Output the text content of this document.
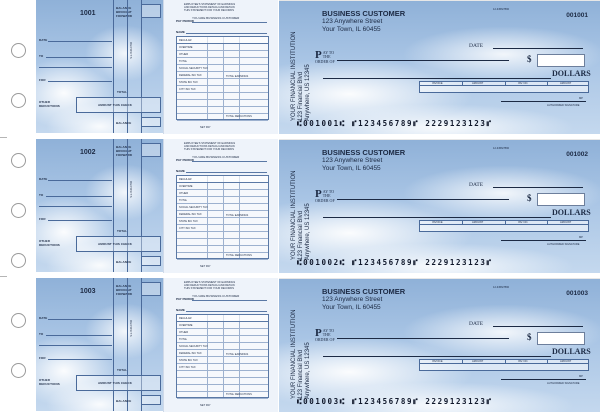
1001
BALANCE BROUGHT FORWARD
DATE
TO
FOR
DEPOSITS
TOTAL
OTHER DEDUCTIONS	AMOUNT THIS CHECK
BALANCE
EMPLOYEE'S STATEMENT OF EARNINGS
AND DEDUCTIONS DETACH AND RETAIN
THIS STATEMENT FOR YOUR RECORDS
PAY PERIOD
YOU ARE BUSINESS CUSTOMER
NAME
REGULAR
OVERTIME
OTHER
TOTAL
SOCIAL SECURITY TAX
FEDERAL INC TAX
STATE INC TAX
CITY INC TAX
TOTAL EARNINGS
TOTAL DEDUCTIONS
NET PAY
BUSINESS CUSTOMER
123 Anywhere Street
Your Town, IL 60455
12-3456/7890
001001
YOUR FINANCIAL INSTITUTION 123 Financial Blvd Anywhere, US 12345
DATE
P AY TO THE
ORDER OF	$
DOLLARS
INVOICE	AMOUNT	INV. NO.	AMOUNT
MP
AUTHORIZED SIGNATURE
⑆001001⑆ ⑈123456789⑈ 2229123123⑈
1002
BALANCE BROUGHT FORWARD
DATE
TO
FOR
DEPOSITS
TOTAL
OTHER DEDUCTIONS	AMOUNT THIS CHECK
BALANCE
EMPLOYEE'S STATEMENT OF EARNINGS
AND DEDUCTIONS DETACH AND RETAIN
THIS STATEMENT FOR YOUR RECORDS
PAY PERIOD
YOU ARE BUSINESS CUSTOMER
NAME
REGULAR
OVERTIME
OTHER
TOTAL
SOCIAL SECURITY TAX
FEDERAL INC TAX
STATE INC TAX
CITY INC TAX
TOTAL EARNINGS
TOTAL DEDUCTIONS
NET PAY
BUSINESS CUSTOMER
123 Anywhere Street
Your Town, IL 60455
12-3456/7890
001002
YOUR FINANCIAL INSTITUTION 123 Financial Blvd Anywhere, US 12345
DATE
P AY TO THE
ORDER OF	$
DOLLARS
INVOICE	AMOUNT	INV. NO.	AMOUNT
MP
AUTHORIZED SIGNATURE
⑆001002⑆ ⑈123456789⑈ 2229123123⑈
1003
BALANCE BROUGHT FORWARD
DATE
TO
FOR
DEPOSITS
TOTAL
OTHER DEDUCTIONS	AMOUNT THIS CHECK
BALANCE
EMPLOYEE'S STATEMENT OF EARNINGS
AND DEDUCTIONS DETACH AND RETAIN
THIS STATEMENT FOR YOUR RECORDS
PAY PERIOD
YOU ARE BUSINESS CUSTOMER
NAME
REGULAR
OVERTIME
OTHER
TOTAL
SOCIAL SECURITY TAX
FEDERAL INC TAX
STATE INC TAX
CITY INC TAX
TOTAL EARNINGS
TOTAL DEDUCTIONS
NET PAY
BUSINESS CUSTOMER
123 Anywhere Street
Your Town, IL 60455
12-3456/7890
001003
YOUR FINANCIAL INSTITUTION 123 Financial Blvd Anywhere, US 12345
DATE
P AY TO THE
ORDER OF	$
DOLLARS
INVOICE	AMOUNT	INV. NO.	AMOUNT
MP
AUTHORIZED SIGNATURE
⑆001003⑆ ⑈123456789⑈ 2229123123⑈
